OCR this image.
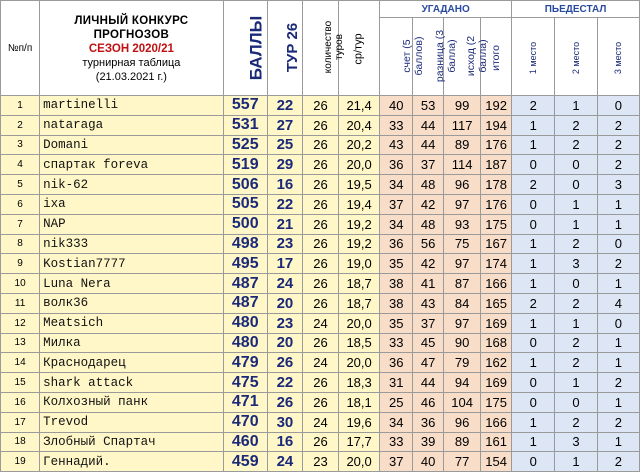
№п/п	ЛИЧНЫЙ КОНКУРС
ПРОГНОЗОВ
СЕЗОН 2020/21
турнирная таблица
(21.03.2021 г.)	БАЛЛЫ	ТУР 26	количество туров	ср/тур	УГАДАНО				ПЬЕДЕСТАЛ		
						счет (5 баллов)	разница (3 балла)	исход (2 балла)	итого	1 место	2 место	3 место
1	martinelli	557	22	26	21,4	40	53	99	192	2	1	0
2	nataraga	531	27	26	20,4	33	44	117	194	1	2	2
3	Domani	525	25	26	20,2	43	44	89	176	1	2	2
4	спартак foreva	519	29	26	20,0	36	37	114	187	0	0	2
5	nik-62	506	16	26	19,5	34	48	96	178	2	0	3
6	ixa	505	22	26	19,4	37	42	97	176	0	1	1
7	NAP	500	21	26	19,2	34	48	93	175	0	1	1
8	nik333	498	23	26	19,2	36	56	75	167	1	2	0
9	Kostian7777	495	17	26	19,0	35	42	97	174	1	3	2
10	Luna Nera	487	24	26	18,7	38	41	87	166	1	0	1
11	волк36	487	20	26	18,7	38	43	84	165	2	2	4
12	Meatsich	480	23	24	20,0	35	37	97	169	1	1	0
13	Милка	480	20	26	18,5	33	45	90	168	0	2	1
14	Краснодарец	479	26	24	20,0	36	47	79	162	1	2	1
15	shark attack	475	22	26	18,3	31	44	94	169	0	1	2
16	Колхозный панк	471	26	26	18,1	25	46	104	175	0	0	1
17	Trevod	470	30	24	19,6	34	36	96	166	1	2	2
18	Злобный Спартач	460	16	26	17,7	33	39	89	161	1	3	1
19	Геннадий.	459	24	23	20,0	37	40	77	154	0	1	2
